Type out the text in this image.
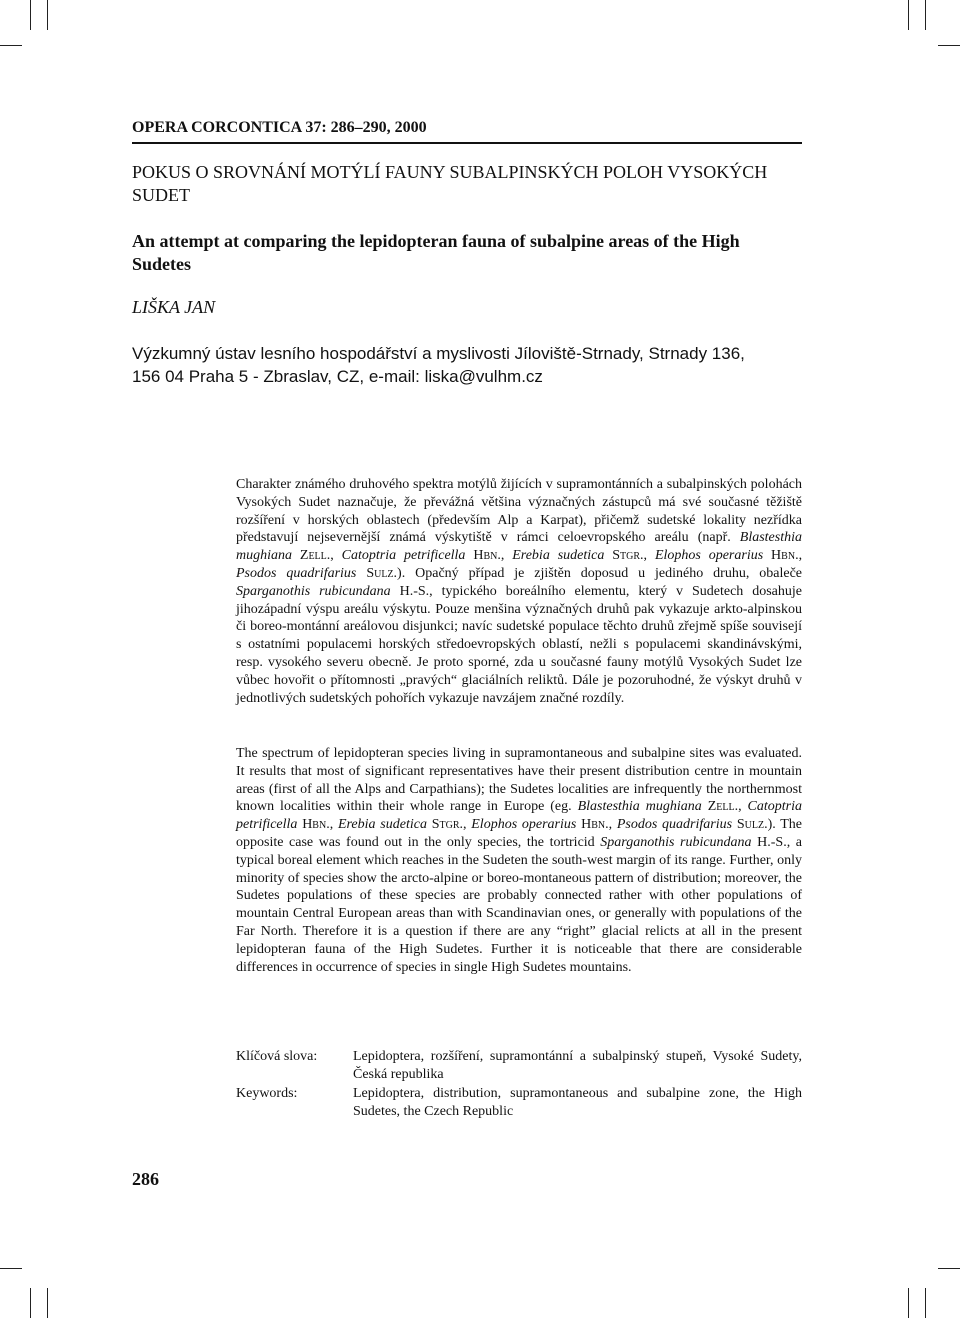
OPERA CORCONTICA 37: 286–290, 2000
POKUS O SROVNÁNÍ MOTÝLÍ FAUNY SUBALPINSKÝCH POLOH VYSOKÝCH SUDET
An attempt at comparing the lepidopteran fauna of subalpine areas of the High Sudetes
LIŠKA JAN
Výzkumný ústav lesního hospodářství a myslivosti Jíloviště-Strnady, Strnady 136,
156 04 Praha 5 - Zbraslav, CZ, e-mail: liska@vulhm.cz

Charakter známého druhového spektra motýlů žijících v supramontánních a subalpinských polohách Vysokých Sudet naznačuje, že převážná většina význačných zástupců má své současné těžiště rozšíření v horských oblastech (především Alp a Karpat), přičemž sudetské lokality nezřídka představují nejsevernější známá výskytiště v rámci celoevropského areálu (např. Blastesthia mughiana Zell., Catoptria petrificella Hbn., Erebia sudetica Stgr., Elophos operarius Hbn., Psodos quadrifarius Sulz.). Opačný případ je zjištěn doposud u jediného druhu, obaleče Sparganothis rubicundana H.-S., typického boreálního elementu, který v Sudetech dosahuje jihozápadní výspu areálu výskytu. Pouze menšina význačných druhů pak vykazuje arkto-alpinskou či boreo-montánní areálovou disjunkci; navíc sudetské populace těchto druhů zřejmě spíše souvisejí s ostatními populacemi horských středoevropských oblastí, nežli s populacemi skandinávskými, resp. vysokého severu obecně. Je proto sporné, zda u současné fauny motýlů Vysokých Sudet lze vůbec hovořit o přítomnosti „pravých“ glaciálních reliktů. Dále je pozoruhodné, že výskyt druhů v jednotlivých sudetských pohořích vykazuje navzájem značné rozdíly.

The spectrum of lepidopteran species living in supramontaneous and subalpine sites was evaluated. It results that most of significant representatives have their present distribution centre in mountain areas (first of all the Alps and Carpathians); the Sudetes localities are infrequently the northernmost known localities within their whole range in Europe (eg. Blastesthia mughiana Zell., Catoptria petrificella Hbn., Erebia sudetica Stgr., Elophos operarius Hbn., Psodos quadrifarius Sulz.). The opposite case was found out in the only species, the tortricid Sparganothis rubicundana H.-S., a typical boreal element which reaches in the Sudeten the south-west margin of its range. Further, only minority of species show the arcto-alpine or boreo-montaneous pattern of distribution; moreover, the Sudetes populations of these species are probably connected rather with other populations of mountain Central European areas than with Scandinavian ones, or generally with populations of the Far North. Therefore it is a question if there are any “right” glacial relicts at all in the present lepidopteran fauna of the High Sudetes. Further it is noticeable that there are considerable differences in occurrence of species in single High Sudetes mountains.

Klíčová slova:	Lepidoptera, rozšíření, supramontánní a subalpinský stupeň, Vysoké Sudety, Česká republika
Keywords:	Lepidoptera, distribution, supramontaneous and subalpine zone, the High Sudetes, the Czech Republic
286
